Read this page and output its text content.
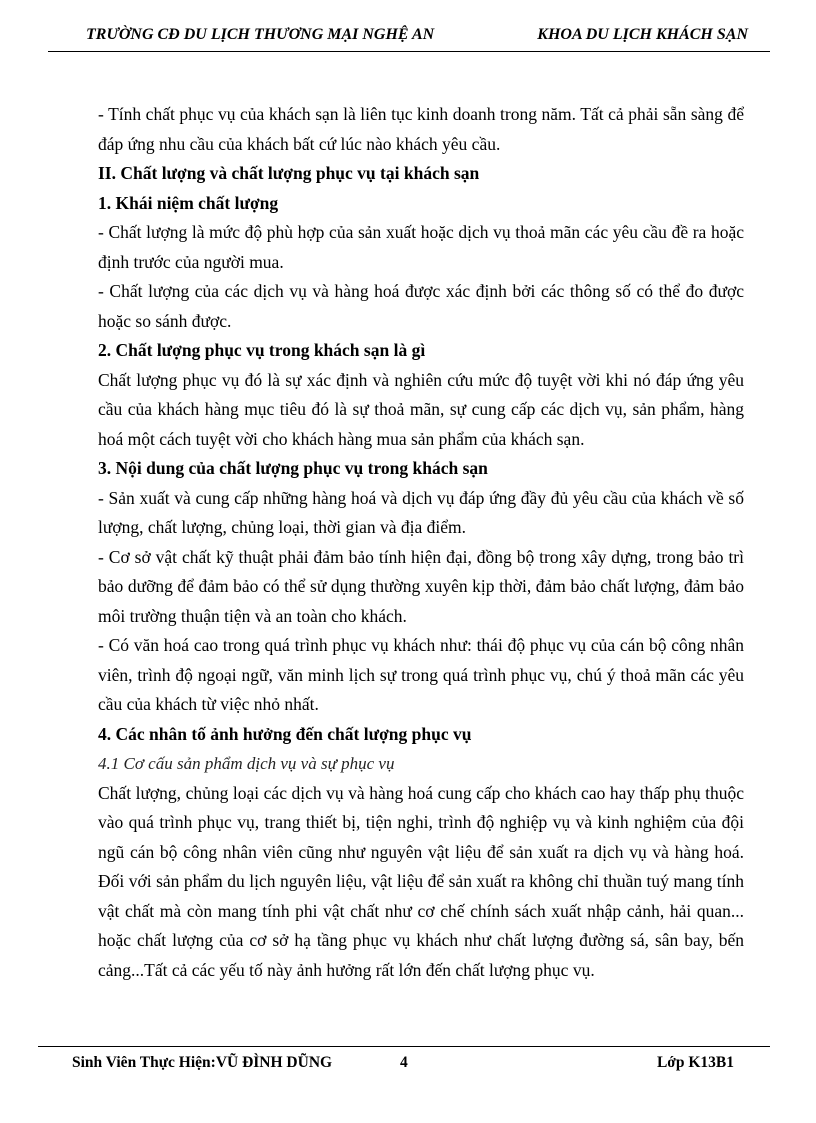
TRƯỜNG CĐ DU LỊCH THƯƠNG MẠI NGHỆ AN	KHOA DU LỊCH KHÁCH SẠN

- Tính chất phục vụ của khách sạn là liên tục kinh doanh trong năm. Tất cả phải sẵn sàng để đáp ứng nhu cầu của khách bất cứ lúc nào khách yêu cầu.

II. Chất lượng và chất lượng phục vụ tại khách sạn

1. Khái niệm chất lượng

- Chất lượng là mức độ phù hợp của sản xuất hoặc dịch vụ thoả mãn các yêu cầu đề ra hoặc định trước của người mua.

- Chất lượng của các dịch vụ và hàng hoá được xác định bởi các thông số có thể đo được hoặc so sánh được.

2. Chất lượng phục vụ trong khách sạn là gì

Chất lượng phục vụ đó là sự xác định và nghiên cứu mức độ tuyệt vời khi nó đáp ứng yêu cầu của khách hàng mục tiêu đó là sự thoả mãn, sự cung cấp các dịch vụ, sản phẩm, hàng hoá một cách tuyệt vời cho khách hàng mua sản phẩm của khách sạn.

3. Nội dung của chất lượng phục vụ trong khách sạn

- Sản xuất và cung cấp những hàng hoá và dịch vụ đáp ứng đầy đủ yêu cầu của khách về số lượng, chất lượng, chủng loại, thời gian và địa điểm.

- Cơ sở vật chất kỹ thuật phải đảm bảo tính hiện đại, đồng bộ trong xây dựng, trong bảo trì bảo dưỡng để đảm bảo có thể sử dụng thường xuyên kịp thời, đảm bảo chất lượng, đảm bảo môi trường thuận tiện và an toàn cho khách.

- Có văn hoá cao trong quá trình phục vụ khách như: thái độ phục vụ của cán bộ công nhân viên, trình độ ngoại ngữ, văn minh lịch sự trong quá trình phục vụ, chú ý thoả mãn các yêu cầu của khách từ việc nhỏ nhất.

4. Các nhân tố ảnh hưởng đến chất lượng phục vụ

4.1 Cơ cấu sản phẩm dịch vụ và sự phục vụ

Chất lượng, chủng loại các dịch vụ và hàng hoá cung cấp cho khách cao hay thấp phụ thuộc vào quá trình phục vụ, trang thiết bị, tiện nghi, trình độ nghiệp vụ và kinh nghiệm của đội ngũ cán bộ công nhân viên cũng như nguyên vật liệu để sản xuất ra dịch vụ và hàng hoá. Đối với sản phẩm du lịch nguyên liệu, vật liệu để sản xuất ra không chỉ thuần tuý mang tính vật chất mà còn mang tính phi vật chất như cơ chế chính sách xuất nhập cảnh, hải quan... hoặc chất lượng của cơ sở hạ tầng phục vụ khách như chất lượng đường sá, sân bay, bến cảng...Tất cả các yếu tố này ảnh hưởng rất lớn đến chất lượng phục vụ.

Sinh Viên Thực Hiện:VŨ ĐÌNH DŨNG	4	Lớp K13B1
